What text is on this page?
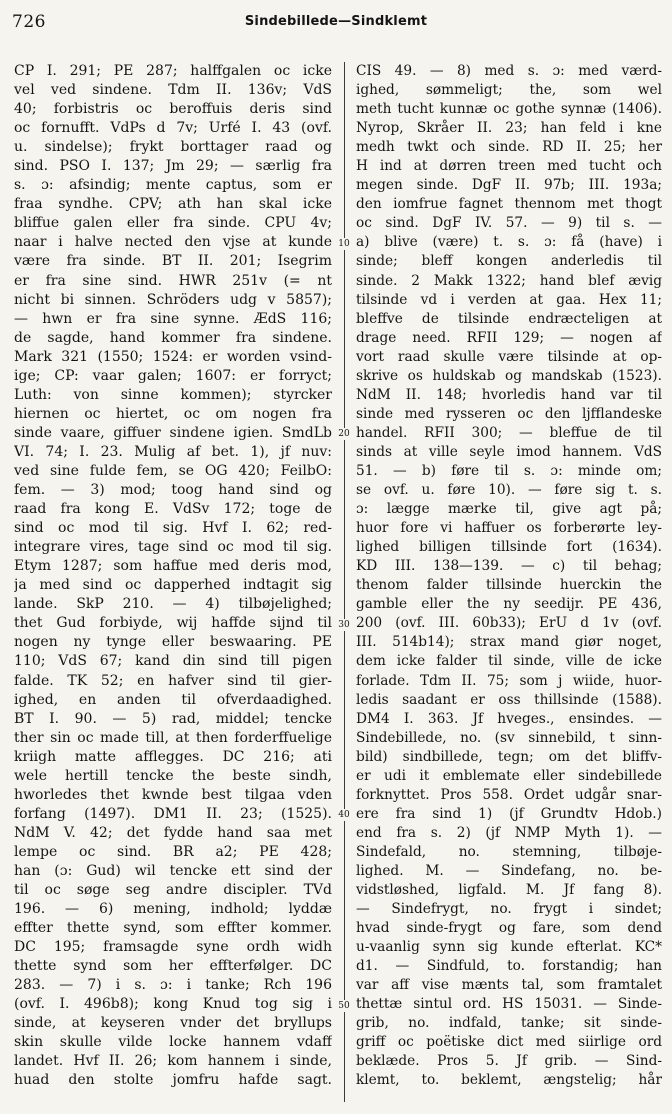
726	Sindebillede—Sindklemt
CP I. 291; PE 287; halffgalen oc icke
vel ved sindene. Tdm II. 136v; VdS
40; forbistris oc beroffuis deris sind
oc fornufft. VdPs d 7v; Urfé I. 43 (ovf.
u. sindelse); frykt borttager raad og
sind. PSO I. 137; Jm 29; — særlig fra
s. ɔ: afsindig; mente captus, som er
fraa syndhe. CPV; ath han skal icke
bliffue galen eller fra sinde. CPU 4v;
naar i halve nected den vjse at kunde
være fra sinde. BT II. 201; Isegrim
er fra sine sind. HWR 251v (= nt
nicht bi sinnen. Schröders udg v 5857);
— hwn er fra sine synne. ÆdS 116;
de sagde, hand kommer fra sindene.
Mark 321 (1550; 1524: er worden vsind-
ige; CP: vaar galen; 1607: er forryct;
Luth: von sinne kommen); styrcker
hiernen oc hiertet, oc om nogen fra
sinde vaare, giffuer sindene igien. SmdLb
VI. 74; I. 23. Mulig af bet. 1), jf nuv:
ved sine fulde fem, se OG 420; FeilbO:
fem. — 3) mod; toog hand sind og
raad fra kong E. VdSv 172; toge de
sind oc mod til sig. Hvf I. 62; red-
integrare vires, tage sind oc mod til sig.
Etym 1287; som haffue med deris mod,
ja med sind oc dapperhed indtagit sig
lande. SkP 210. — 4) tilbøjelighed;
thet Gud forbiyde, wij haffde sijnd til
nogen ny tynge eller beswaaring. PE
110; VdS 67; kand din sind till pigen
falde. TK 52; en hafver sind til gier-
ighed, en anden til ofverdaadighed.
BT I. 90. — 5) rad, middel; tencke
ther sin oc made till, at then forderffuelige
kriigh matte afflegges. DC 216; ati
wele hertill tencke the beste sindh,
hworledes thet kwnde best tilgaa vden
forfang (1497). DM1 II. 23; (1525).
NdM V. 42; det fydde hand saa met
lempe oc sind. BR a2; PE 428;
han (ɔ: Gud) wil tencke ett sind der
til oc søge seg andre discipler. TVd
196. — 6) mening, indhold; lyddæ
effter thette synd, som effter kommer.
DC 195; framsagde syne ordh widh
thette synd som her effterfølger. DC
283. — 7) i s. ɔ: i tanke; Rch 196
(ovf. I. 496b8); kong Knud tog sig i
sinde, at keyseren vnder det bryllups
skin skulle vilde locke hannem vdaff
landet. Hvf II. 26; kom hannem i sinde,
huad den stolte jomfru hafde sagt.
10
20
30
40
50
CIS 49. — 8) med s. ɔ: med værd-
ighed, sømmeligt; the, som wel
meth tucht kunnæ oc gothe synnæ (1406).
Nyrop, Skråer II. 23; han feld i kne
medh twkt och sinde. RD II. 25; her
H ind at dørren treen med tucht och
megen sinde. DgF II. 97b; III. 193a;
den iomfrue fagnet thennom met thogt
oc sind. DgF IV. 57. — 9) til s. —
a) blive (være) t. s. ɔ: få (have) i
sinde; bleff kongen anderledis til
sinde. 2 Makk 1322; hand blef ævig
tilsinde vd i verden at gaa. Hex 11;
bleffve de tilsinde endræcteligen at
drage need. RFII 129; — nogen af
vort raad skulle være tilsinde at op-
skrive os huldskab og mandskab (1523).
NdM II. 148; hvorledis hand var til
sinde med rysseren oc den ljfflandeske
handel. RFII 300; — bleffue de til
sinds at ville seyle imod hannem. VdS
51. — b) føre til s. ɔ: minde om;
se ovf. u. føre 10). — føre sig t. s.
ɔ: lægge mærke til, give agt på;
huor fore vi haffuer os forberørte ley-
lighed billigen tillsinde fort (1634).
KD III. 138—139. — c) til behag;
thenom falder tillsinde huerckin the
gamble eller the ny seedijr. PE 436,
200 (ovf. III. 60b33); ErU d 1v (ovf.
III. 514b14); strax mand giør noget,
dem icke falder til sinde, ville de icke
forlade. Tdm II. 75; som j wiide, huor-
ledis saadant er oss thillsinde (1588).
DM4 I. 363. Jf hveges., ensindes. —
Sindebillede, no. (sv sinnebild, t sinn-
bild) sindbillede, tegn; om det bliffv-
er udi it emblemate eller sindebillede
forknyttet. Pros 558. Ordet udgår snar-
ere fra sind 1) (jf Grundtv Hdob.)
end fra s. 2) (jf NMP Myth 1). —
Sindefald, no. stemning, tilbøje-
lighed. M. — Sindefang, no. be-
vidstløshed, ligfald. M. Jf fang 8).
— Sindefrygt, no. frygt i sindet;
hvad sinde-frygt og fare, som dend
u-vaanlig synn sig kunde efterlat. KC*
d1. — Sindfuld, to. forstandig; han
var aff vise mænts tal, som framtalet
thettæ sintul ord. HS 15031. — Sinde-
grib, no. indfald, tanke; sit sinde-
griff oc poëtiske dict med siirlige ord
beklæde. Pros 5. Jf grib. — Sind-
klemt, to. beklemt, ængstelig; hår
